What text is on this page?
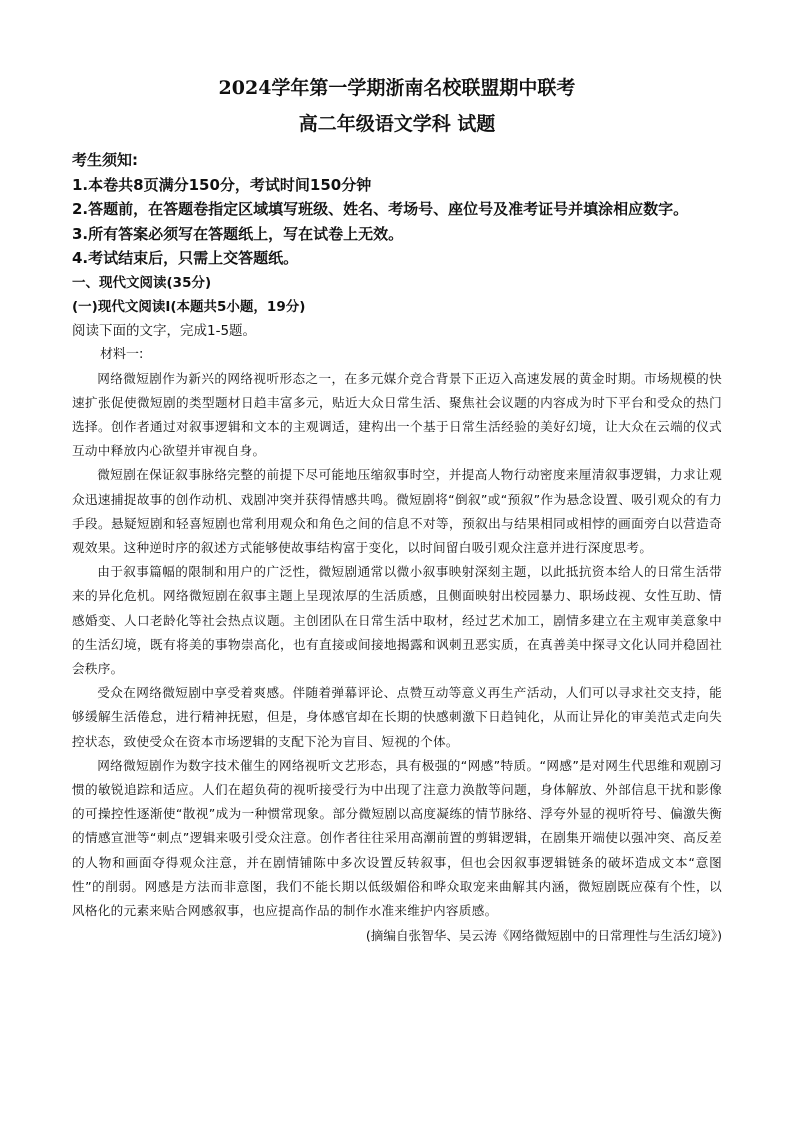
2024学年第一学期浙南名校联盟期中联考
高二年级语文学科 试题
考生须知:
1.本卷共8页满分150分，考试时间150分钟
2.答题前，在答题卷指定区域填写班级、姓名、考场号、座位号及准考证号并填涂相应数字。
3.所有答案必须写在答题纸上，写在试卷上无效。
4.考试结束后，只需上交答题纸。
一、现代文阅读(35分)
(一)现代文阅读Ⅰ(本题共5小题，19分)
阅读下面的文字，完成1-5题。
材料一:

网络微短剧作为新兴的网络视听形态之一，在多元媒介竞合背景下正迈入高速发展的黄金时期。市场规模的快速扩张促使微短剧的类型题材日趋丰富多元，贴近大众日常生活、聚焦社会议题的内容成为时下平台和受众的热门选择。创作者通过对叙事逻辑和文本的主观调适，建构出一个基于日常生活经验的美好幻境，让大众在云端的仪式互动中释放内心欲望并审视自身。

微短剧在保证叙事脉络完整的前提下尽可能地压缩叙事时空，并提高人物行动密度来厘清叙事逻辑，力求让观众迅速捕捉故事的创作动机、戏剧冲突并获得情感共鸣。微短剧将“倒叙”或“预叙”作为悬念设置、吸引观众的有力手段。悬疑短剧和轻喜短剧也常利用观众和角色之间的信息不对等，预叙出与结果相同或相悖的画面旁白以营造奇观效果。这种逆时序的叙述方式能够使故事结构富于变化，以时间留白吸引观众注意并进行深度思考。

由于叙事篇幅的限制和用户的广泛性，微短剧通常以微小叙事映射深刻主题，以此抵抗资本给人的日常生活带来的异化危机。网络微短剧在叙事主题上呈现浓厚的生活质感，且侧面映射出校园暴力、职场歧视、女性互助、情感婚变、人口老龄化等社会热点议题。主创团队在日常生活中取材，经过艺术加工，剧情多建立在主观审美意象中的生活幻境，既有将美的事物崇高化，也有直接或间接地揭露和讽刺丑恶实质，在真善美中探寻文化认同并稳固社会秩序。

受众在网络微短剧中享受着爽感。伴随着弹幕评论、点赞互动等意义再生产活动，人们可以寻求社交支持，能够缓解生活倦怠，进行精神抚慰，但是，身体感官却在长期的快感刺激下日趋钝化，从而让异化的审美范式走向失控状态，致使受众在资本市场逻辑的支配下沦为盲目、短视的个体。

网络微短剧作为数字技术催生的网络视听文艺形态，具有极强的“网感”特质。“网感”是对网生代思维和观剧习惯的敏锐追踪和适应。人们在超负荷的视听接受行为中出现了注意力涣散等问题，身体解放、外部信息干扰和影像的可操控性逐渐使“散视”成为一种惯常现象。部分微短剧以高度凝练的情节脉络、浮夸外显的视听符号、偏激失衡的情感宣泄等“刺点”逻辑来吸引受众注意。创作者往往采用高潮前置的剪辑逻辑，在剧集开端使以强冲突、高反差的人物和画面夺得观众注意，并在剧情铺陈中多次设置反转叙事，但也会因叙事逻辑链条的破坏造成文本“意图性”的削弱。网感是方法而非意图，我们不能长期以低级媚俗和哗众取宠来曲解其内涵，微短剧既应葆有个性，以风格化的元素来贴合网感叙事，也应提高作品的制作水准来维护内容质感。

(摘编自张智华、吴云涛《网络微短剧中的日常理性与生活幻境》)
